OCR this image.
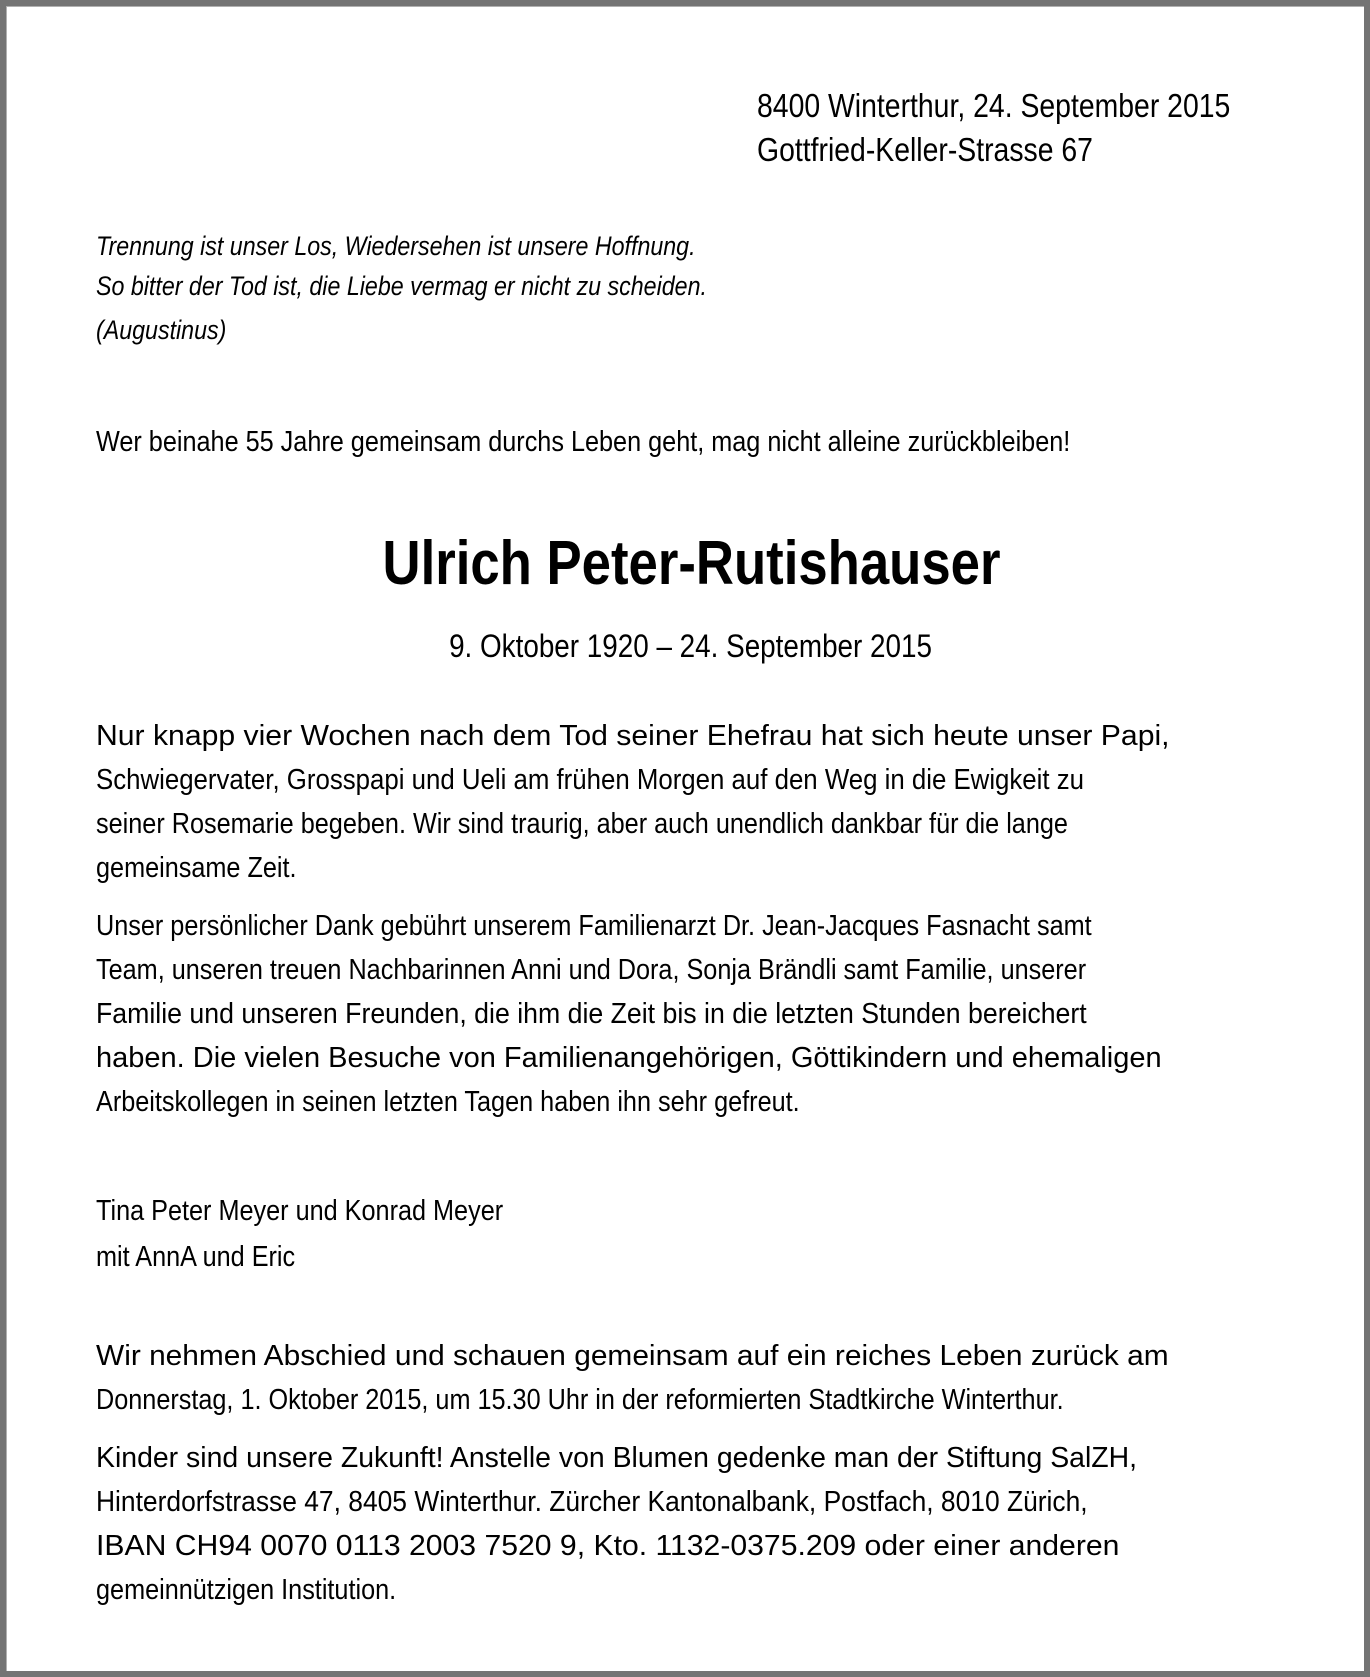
8400 Winterthur, 24. September 2015
Gottfried-Keller-Strasse 67
Trennung ist unser Los, Wiedersehen ist unsere Hoffnung.
So bitter der Tod ist, die Liebe vermag er nicht zu scheiden.
(Augustinus)
Wer beinahe 55 Jahre gemeinsam durchs Leben geht, mag nicht alleine zurückbleiben!
Ulrich Peter-Rutishauser
9. Oktober 1920 – 24. September 2015
Nur knapp vier Wochen nach dem Tod seiner Ehefrau hat sich heute unser Papi,
Schwiegervater, Grosspapi und Ueli am frühen Morgen auf den Weg in die Ewigkeit zu
seiner Rosemarie begeben. Wir sind traurig, aber auch unendlich dankbar für die lange
gemeinsame Zeit.
Unser persönlicher Dank gebührt unserem Familienarzt Dr. Jean-Jacques Fasnacht samt
Team, unseren treuen Nachbarinnen Anni und Dora, Sonja Brändli samt Familie, unserer
Familie und unseren Freunden, die ihm die Zeit bis in die letzten Stunden bereichert
haben. Die vielen Besuche von Familienangehörigen, Göttikindern und ehemaligen
Arbeitskollegen in seinen letzten Tagen haben ihn sehr gefreut.
Tina Peter Meyer und Konrad Meyer
mit AnnA und Eric
Wir nehmen Abschied und schauen gemeinsam auf ein reiches Leben zurück am
Donnerstag, 1. Oktober 2015, um 15.30 Uhr in der reformierten Stadtkirche Winterthur.
Kinder sind unsere Zukunft! Anstelle von Blumen gedenke man der Stiftung SalZH,
Hinterdorfstrasse 47, 8405 Winterthur. Zürcher Kantonalbank, Postfach, 8010 Zürich,
IBAN CH94 0070 0113 2003 7520 9, Kto. 1132-0375.209 oder einer anderen
gemeinnützigen Institution.
